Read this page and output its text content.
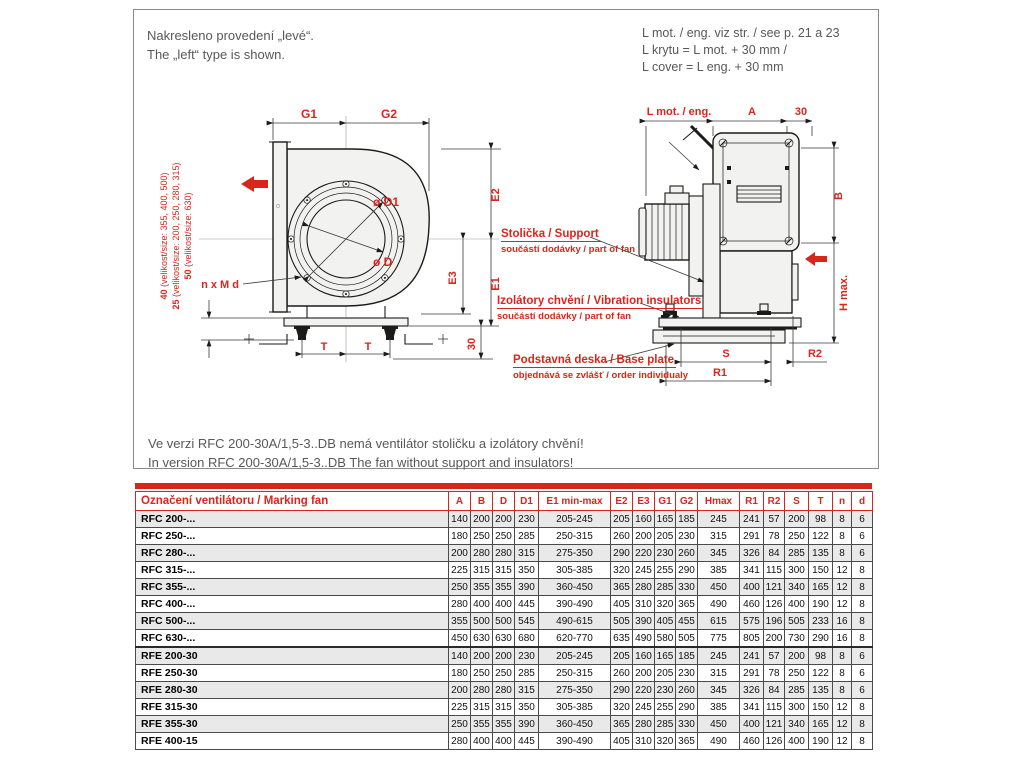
Nakresleno provedení „levé“.
The „left“ type is shown.
L mot. / eng. viz str. / see p. 21 a 23
L krytu = L mot. + 30 mm /
L cover = L eng. + 30 mm
ø D1
ø D
n x M d
G1	G2
E2
E3	E1
30
T	T
40 (velikost/size: 355, 400, 500)
25 (velikost/size: 200, 250, 280, 315) 50 (velikost/size: 630)
L mot. / eng.	A	30
B
H max.
S	R2
R1
Stolička / Support
součástí dodávky / part of fan
Izolátory chvění / Vibration insulators
součástí dodávky / part of fan
Podstavná deska / Base plate
objednává se zvlášť / order individualy
Ve verzi RFC 200-30A/1,5-3..DB nemá ventilátor stoličku a izolátory chvění!
In version RFC 200-30A/1,5-3..DB The fan without support and insulators!
Označení ventilátoru / Marking fan	A	B	D	D1	E1 min-max	E2	E3	G1	G2	Hmax	R1	R2	S	T	n	d
RFC 200-...	140	200	200	230	205-245	205	160	165	185	245	241	57	200	98	8	6
RFC 250-...	180	250	250	285	250-315	260	200	205	230	315	291	78	250	122	8	6
RFC 280-...	200	280	280	315	275-350	290	220	230	260	345	326	84	285	135	8	6
RFC 315-...	225	315	315	350	305-385	320	245	255	290	385	341	115	300	150	12	8
RFC 355-...	250	355	355	390	360-450	365	280	285	330	450	400	121	340	165	12	8
RFC 400-...	280	400	400	445	390-490	405	310	320	365	490	460	126	400	190	12	8
RFC 500-...	355	500	500	545	490-615	505	390	405	455	615	575	196	505	233	16	8
RFC 630-...	450	630	630	680	620-770	635	490	580	505	775	805	200	730	290	16	8
RFE 200-30	140	200	200	230	205-245	205	160	165	185	245	241	57	200	98	8	6
RFE 250-30	180	250	250	285	250-315	260	200	205	230	315	291	78	250	122	8	6
RFE 280-30	200	280	280	315	275-350	290	220	230	260	345	326	84	285	135	8	6
RFE 315-30	225	315	315	350	305-385	320	245	255	290	385	341	115	300	150	12	8
RFE 355-30	250	355	355	390	360-450	365	280	285	330	450	400	121	340	165	12	8
RFE 400-15	280	400	400	445	390-490	405	310	320	365	490	460	126	400	190	12	8
